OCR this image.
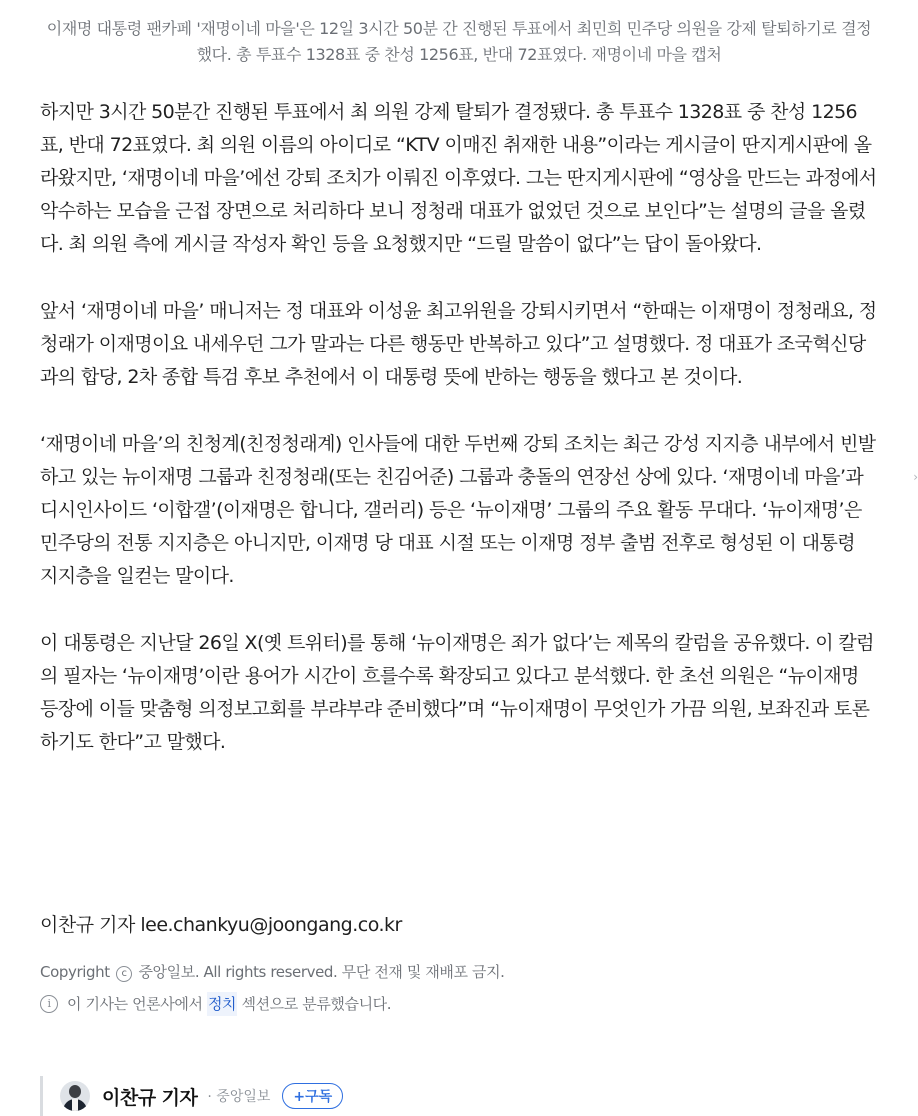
이재명 대통령 팬카페 '재명이네 마을'은 12일 3시간 50분 간 진행된 투표에서 최민희 민주당 의원을 강제 탈퇴하기로 결정했다. 총 투표수 1328표 중 찬성 1256표, 반대 72표였다. 재명이네 마을 캡처

하지만 3시간 50분간 진행된 투표에서 최 의원 강제 탈퇴가 결정됐다. 총 투표수 1328표 중 찬성 1256표, 반대 72표였다. 최 의원 이름의 아이디로 “KTV 이매진 취재한 내용”이라는 게시글이 딴지게시판에 올라왔지만, ‘재명이네 마을’에선 강퇴 조치가 이뤄진 이후였다. 그는 딴지게시판에 “영상을 만드는 과정에서 악수하는 모습을 근접 장면으로 처리하다 보니 정청래 대표가 없었던 것으로 보인다”는 설명의 글을 올렸다. 최 의원 측에 게시글 작성자 확인 등을 요청했지만 “드릴 말씀이 없다”는 답이 돌아왔다.

앞서 ‘재명이네 마을’ 매니저는 정 대표와 이성윤 최고위원을 강퇴시키면서 “한때는 이재명이 정청래요, 정청래가 이재명이요 내세우던 그가 말과는 다른 행동만 반복하고 있다”고 설명했다. 정 대표가 조국혁신당과의 합당, 2차 종합 특검 후보 추천에서 이 대통령 뜻에 반하는 행동을 했다고 본 것이다.

‘재명이네 마을’의 친청계(친정청래계) 인사들에 대한 두번째 강퇴 조치는 최근 강성 지지층 내부에서 빈발하고 있는 뉴이재명 그룹과 친정청래(또는 친김어준) 그룹과 충돌의 연장선 상에 있다. ‘재명이네 마을’과 디시인사이드 ‘이합갤’(이재명은 합니다, 갤러리) 등은 ‘뉴이재명’ 그룹의 주요 활동 무대다. ‘뉴이재명’은 민주당의 전통 지지층은 아니지만, 이재명 당 대표 시절 또는 이재명 정부 출범 전후로 형성된 이 대통령 지지층을 일컫는 말이다.

이 대통령은 지난달 26일 X(옛 트위터)를 통해 ‘뉴이재명은 죄가 없다’는 제목의 칼럼을 공유했다. 이 칼럼의 필자는 ‘뉴이재명’이란 용어가 시간이 흐를수록 확장되고 있다고 분석했다. 한 초선 의원은 “뉴이재명 등장에 이들 맞춤형 의정보고회를 부랴부랴 준비했다”며 “뉴이재명이 무엇인가 가끔 의원, 보좌진과 토론하기도 한다”고 말했다.

이찬규 기자 lee.chankyu@joongang.co.kr
Copyright c 중앙일보. All rights reserved. 무단 전재 및 재배포 금지.
i	이 기사는 언론사에서
정치
섹션으로 분류했습니다.
이찬규 기자 · 중앙일보	+구독
›
